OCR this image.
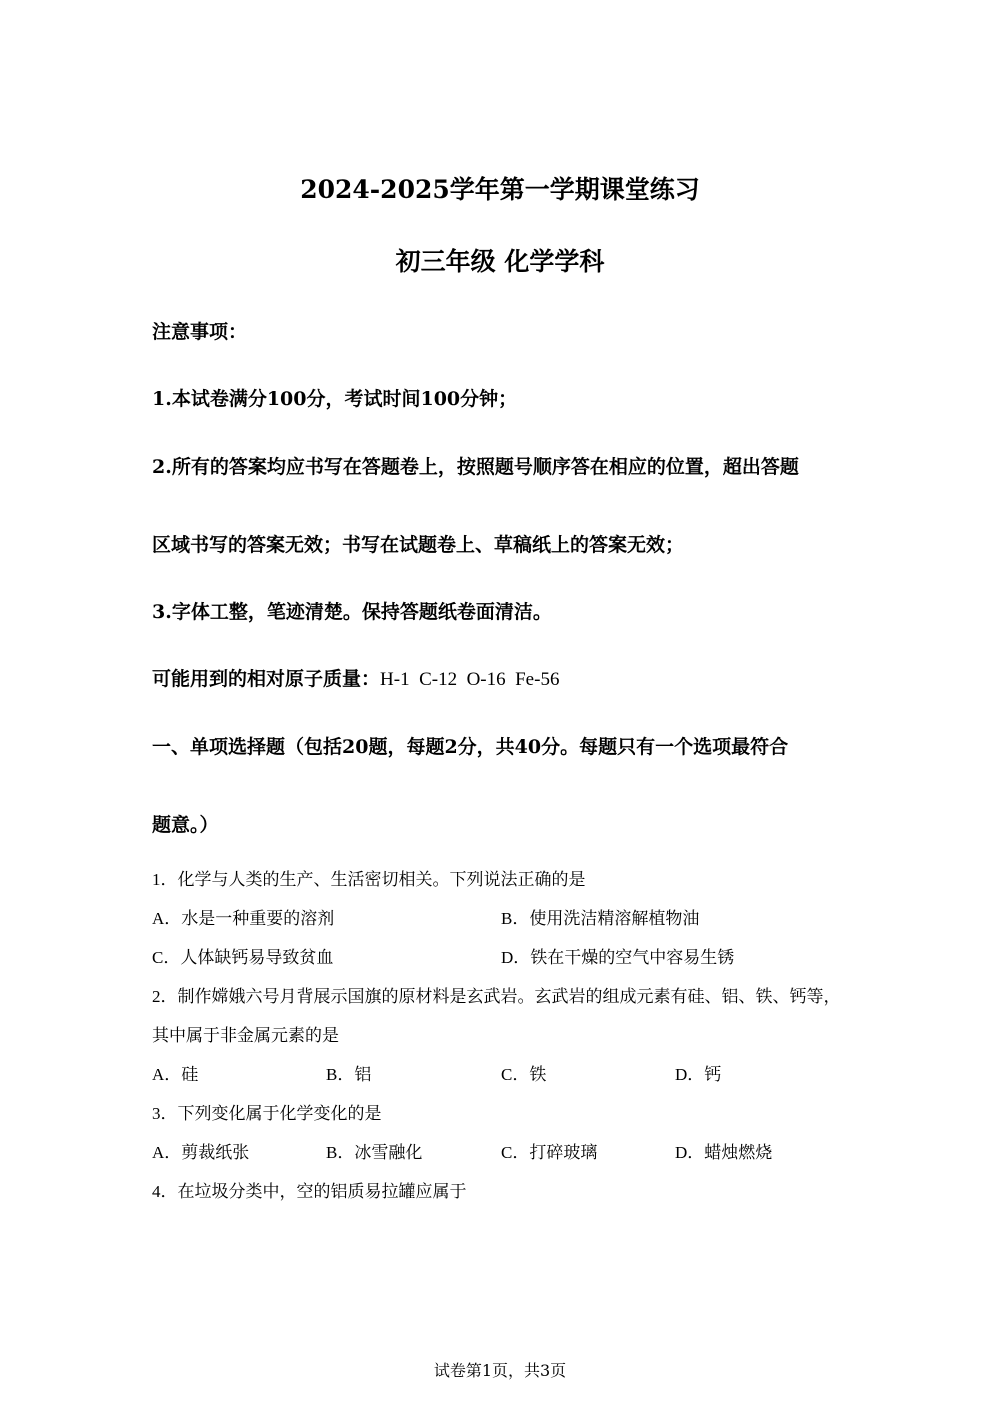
2024-2025学年第一学期课堂练习
初三年级 化学学科
注意事项：
1.本试卷满分100分，考试时间100分钟；
2.所有的答案均应书写在答题卷上，按照题号顺序答在相应的位置，超出答题
区域书写的答案无效；书写在试题卷上、草稿纸上的答案无效；
3.字体工整，笔迹清楚。保持答题纸卷面清洁。
可能用到的相对原子质量：H-1  C-12  O-16  Fe-56
一、单项选择题（包括20题，每题2分，共40分。每题只有一个选项最符合
题意。）
1．化学与人类的生产、生活密切相关。下列说法正确的是
A．水是一种重要的溶剂	B．使用洗洁精溶解植物油
C．人体缺钙易导致贫血	D．铁在干燥的空气中容易生锈
2．制作嫦娥六号月背展示国旗的原材料是玄武岩。玄武岩的组成元素有硅、铝、铁、钙等，
其中属于非金属元素的是
A．硅	B．铝	C．铁	D．钙
3．下列变化属于化学变化的是
A．剪裁纸张	B．冰雪融化	C．打碎玻璃	D．蜡烛燃烧
4．在垃圾分类中，空的铝质易拉罐应属于
试卷第1页，共3页
